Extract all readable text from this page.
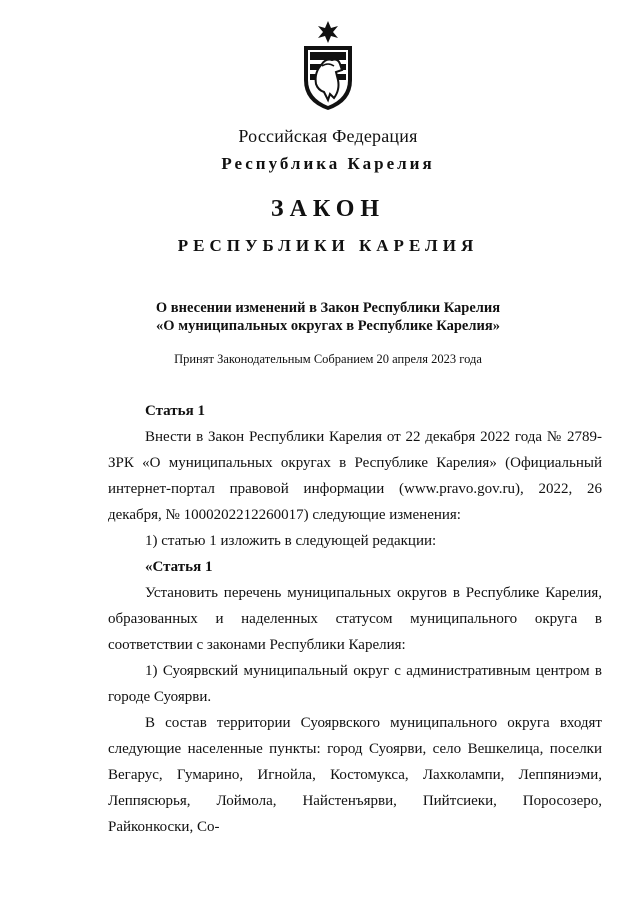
Российская Федерация
Республика Карелия
ЗАКОН
РЕСПУБЛИКИ КАРЕЛИЯ
О внесении изменений в Закон Республики Карелия
«О муниципальных округах в Республике Карелия»
Принят Законодательным Собранием 20 апреля 2023 года

Статья 1

Внести в Закон Республики Карелия от 22 декабря 2022 года № 2789-ЗРК «О муниципальных округах в Республике Карелия» (Официальный интернет-портал правовой информации (www.pravo.gov.ru), 2022, 26 декабря, № 1000202212260017) следующие изменения:

1) статью 1 изложить в следующей редакции:

«Статья 1

Установить перечень муниципальных округов в Республике Карелия, образованных и наделенных статусом муниципального округа в соответствии с законами Республики Карелия:

1) Суоярвский муниципальный округ с административным центром в городе Суоярви.

В состав территории Суоярвского муниципального округа входят следующие населенные пункты: город Суоярви, село Вешкелица, поселки Вегарус, Гумарино, Игнойла, Костомукса, Лахколампи, Леппяниэми, Леппясюрья, Лоймола, Найстенъярви, Пийтсиеки, Поросозеро, Райконкоски, Со-
